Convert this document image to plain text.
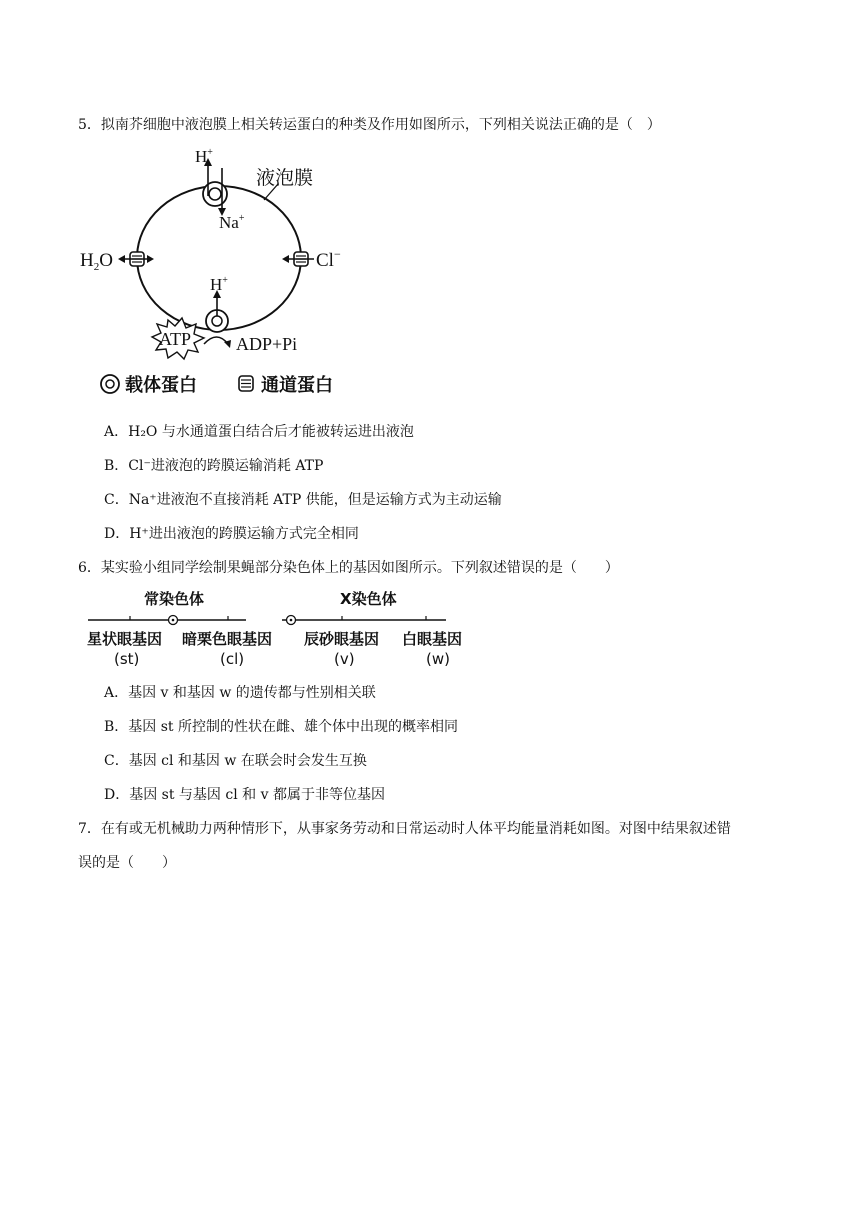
5．拟南芥细胞中液泡膜上相关转运蛋白的种类及作用如图所示，下列相关说法正确的是（　）
液泡膜
H+
Na+
$H_2O$	Cl−
H+
ATP ADP+Pi
载体蛋白	通道蛋白
A．H₂O 与水通道蛋白结合后才能被转运进出液泡
B．Cl⁻进液泡的跨膜运输消耗 ATP
C．Na⁺进液泡不直接消耗 ATP 供能，但是运输方式为主动运输
D．H⁺进出液泡的跨膜运输方式完全相同
6．某实验小组同学绘制果蝇部分染色体上的基因如图所示。下列叙述错误的是（　　）
常染色体	X染色体
星状眼基因
(st)
暗栗色眼基因
(cl)
辰砂眼基因
(v)
白眼基因
(w)
A．基因 v 和基因 w 的遗传都与性别相关联
B．基因 st 所控制的性状在雌、雄个体中出现的概率相同
C．基因 cl 和基因 w 在联会时会发生互换
D．基因 st 与基因 cl 和 v 都属于非等位基因
7．在有或无机械助力两种情形下，从事家务劳动和日常运动时人体平均能量消耗如图。对图中结果叙述错
误的是（　　）
